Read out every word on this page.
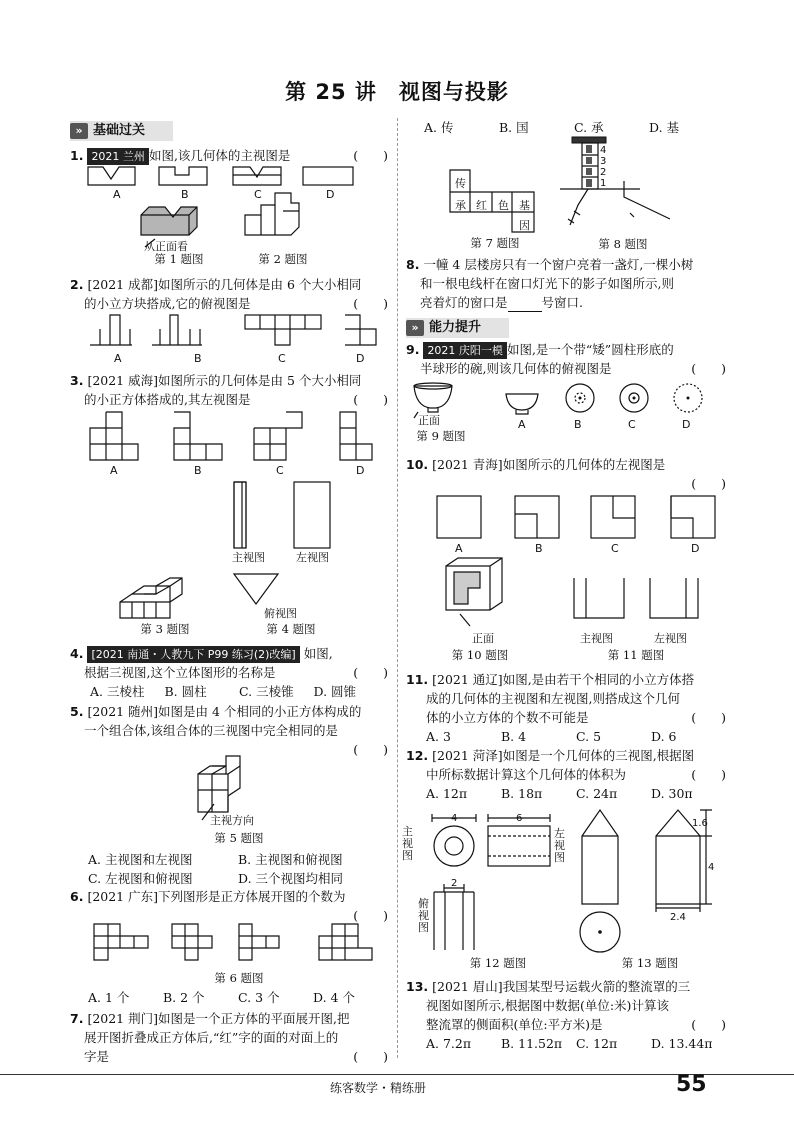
第 25 讲　视图与投影
» 基础过关
1. 2021 兰州 如图,该几何体的主视图是	(　　)
A	B	C	D
从正面看
第 1 题图	第 2 题图
2. [2021 成都]如图所示的几何体是由 6 个大小相同
的小立方块搭成,它的俯视图是	(　　)
A	B	C	D
3. [2021 威海]如图所示的几何体是由 5 个大小相同
的小正方体搭成的,其左视图是	(　　)
A	B	C	D
主视图	左视图
俯视图
第 3 题图	第 4 题图
4. [2021 南通・人教九下 P99 练习(2)改编] 如图,
根据三视图,这个立体图形的名称是	(　　)
A. 三棱柱	B. 圆柱	C. 三棱锥	D. 圆锥
5. [2021 随州]如图是由 4 个相同的小正方体构成的
一个组合体,该组合体的三视图中完全相同的是
(　　)
主视方向
第 5 题图
A. 主视图和左视图	B. 主视图和俯视图
C. 左视图和俯视图	D. 三个视图均相同
6. [2021 广东]下列图形是正方体展开图的个数为
(　　)
第 6 题图
A. 1 个	B. 2 个	C. 3 个	D. 4 个
7. [2021 荆门]如图是一个正方体的平面展开图,把
展开图折叠成正方体后,“红”字的面的对面上的
字是	(　　)
A. 传	B. 国	C. 承	D. 基
传
承 红 色 基
因
第 7 题图
4
3
2
1
第 8 题图
8. 一幢 4 层楼房只有一个窗户亮着一盏灯,一棵小树
和一根电线杆在窗口灯光下的影子如图所示,则
亮着灯的窗口是	号窗口.
» 能力提升
9. 2021 庆阳一模 如图,是一个带“矮”圆柱形底的
半球形的碗,则该几何体的俯视图是	(　　)
正面	A	B	C	D
第 9 题图
10. [2021 青海]如图所示的几何体的左视图是
(　　)
A	B	C	D
正面	主视图	左视图
第 10 题图	第 11 题图
11. [2021 通辽]如图,是由若干个相同的小立方体搭
成的几何体的主视图和左视图,则搭成这个几何
体的小立方体的个数不可能是	(　　)
A. 3	B. 4	C. 5	D. 6
12. [2021 菏泽]如图是一个几何体的三视图,根据图
中所标数据计算这个几何体的体积为	(　　)
A. 12π	B. 18π	C. 24π	D. 30π
4	6
2
主视图
左视图
俯视图
1.6
4
2.4
第 12 题图	第 13 题图
13. [2021 眉山]我国某型号运载火箭的整流罩的三
视图如图所示,根据图中数据(单位:米)计算该
整流罩的侧面积(单位:平方米)是	(　　)
A. 7.2π	B. 11.52π	C. 12π	D. 13.44π
练客数学・精练册	55
